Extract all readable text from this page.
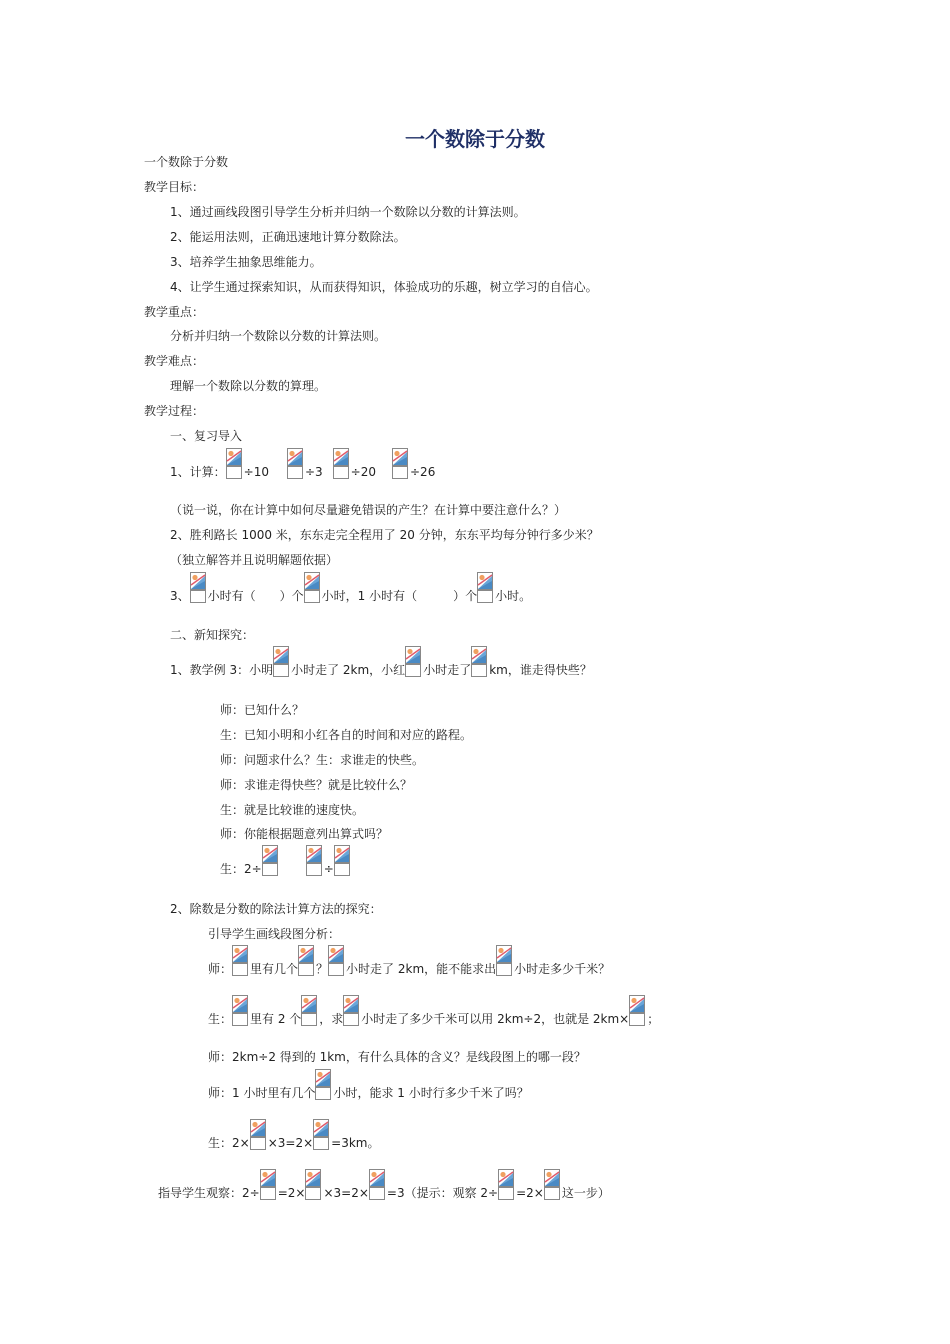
一个数除于分数
一个数除于分数
教学目标：
1、通过画线段图引导学生分析并归纳一个数除以分数的计算法则。
2、能运用法则，正确迅速地计算分数除法。
3、培养学生抽象思维能力。
4、让学生通过探索知识，从而获得知识，体验成功的乐趣，树立学习的自信心。
教学重点：
分析并归纳一个数除以分数的计算法则。
教学难点：
理解一个数除以分数的算理。
教学过程：
一、复习导入
1、计算： ÷10	÷3 ÷20	÷26
（说一说，你在计算中如何尽量避免错误的产生？在计算中要注意什么？）
2、胜利路长 1000 米，东东走完全程用了 20 分钟，东东平均每分钟行多少米？
（独立解答并且说明解题依据）
3、 小时有（　　）个 小时，1 小时有（　　　）个 小时。
二、新知探究：
1、教学例 3：小明 小时走了 2km，小红 小时走了 km，谁走得快些？
师：已知什么？
生：已知小明和小红各自的时间和对应的路程。
师：问题求什么？生：求谁走的快些。
师：求谁走得快些？就是比较什么？
生：就是比较谁的速度快。
师：你能根据题意列出算式吗？
生：2÷	÷
2、除数是分数的除法计算方法的探究：
引导学生画线段图分析：
师： 里有几个 ？ 小时走了 2km，能不能求出 小时走多少千米？
生： 里有 2 个 ，求 小时走了多少千米可以用 2km÷2，也就是 2km× ；
师：2km÷2 得到的 1km，有什么具体的含义？是线段图上的哪一段？
师：1 小时里有几个 小时，能求 1 小时行多少千米了吗？
生：2× ×3=2× =3km。
指导学生观察：2÷ =2× ×3=2× =3（提示：观察 2÷ =2× 这一步）
